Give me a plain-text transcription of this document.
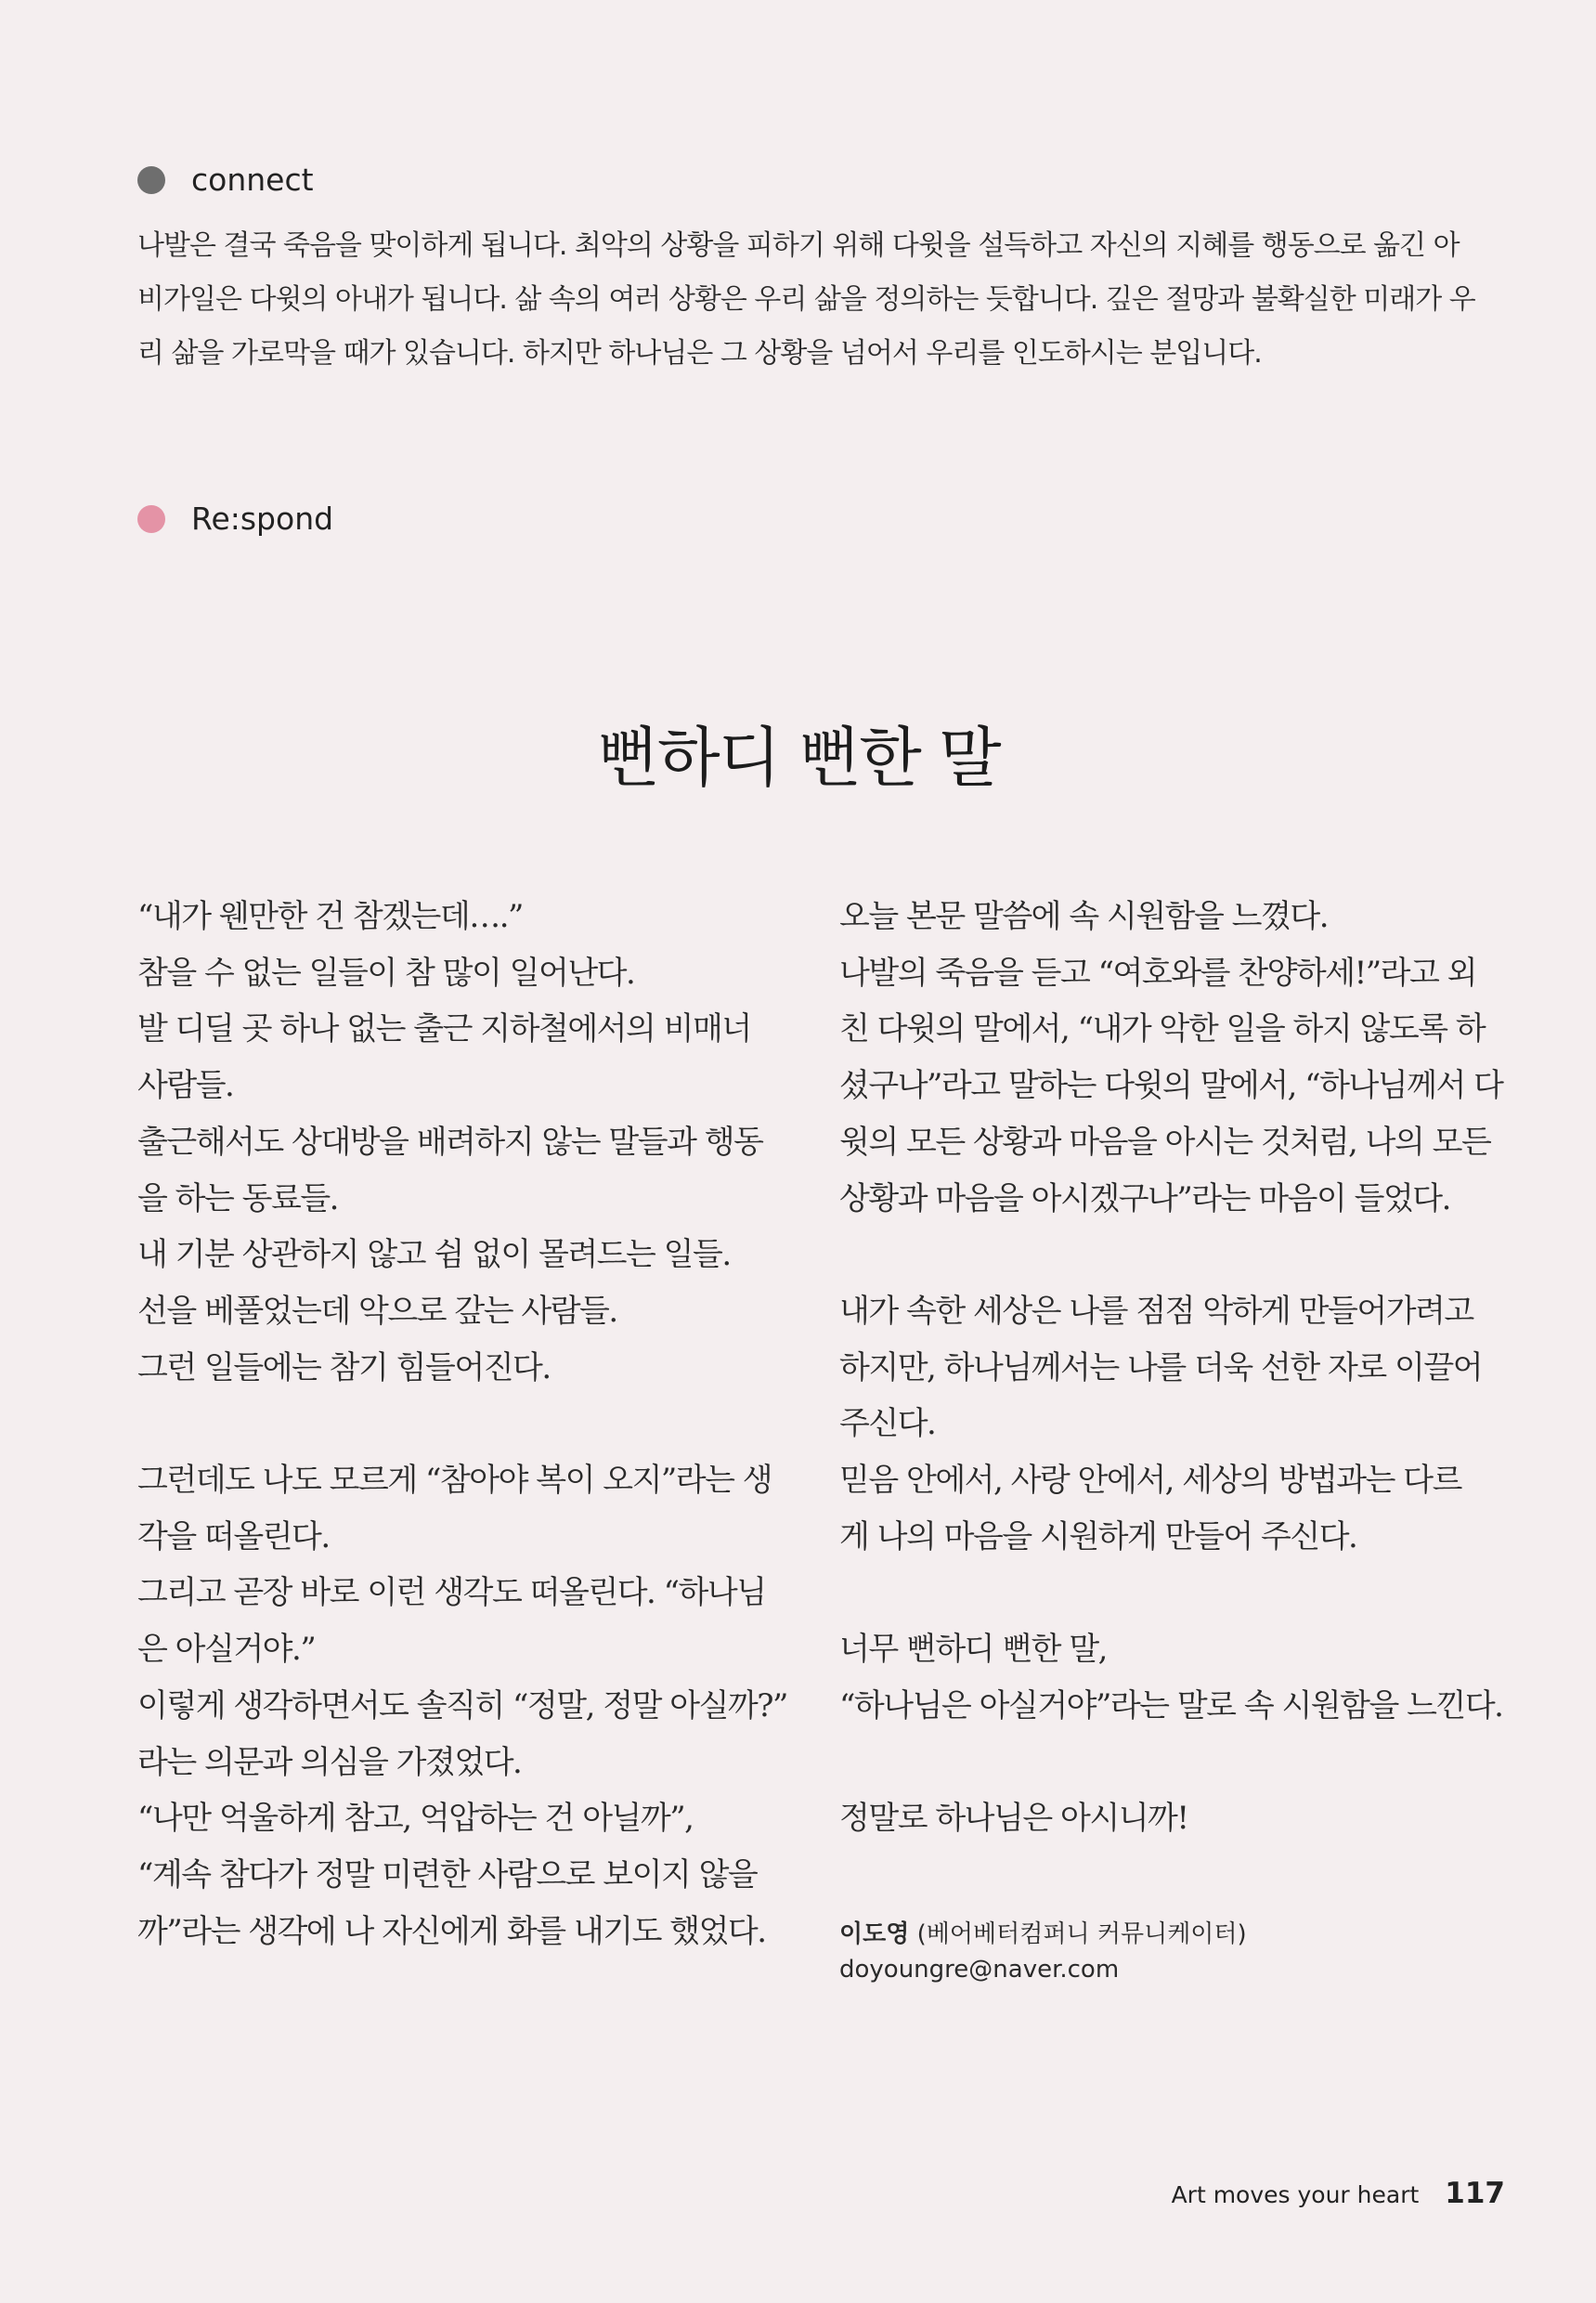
connect
나발은 결국 죽음을 맞이하게 됩니다. 최악의 상황을 피하기 위해 다윗을 설득하고 자신의 지혜를 행동으로 옮긴 아
비가일은 다윗의 아내가 됩니다. 삶 속의 여러 상황은 우리 삶을 정의하는 듯합니다. 깊은 절망과 불확실한 미래가 우
리 삶을 가로막을 때가 있습니다. 하지만 하나님은 그 상황을 넘어서 우리를 인도하시는 분입니다.
Re:spond
뻔하디 뻔한 말
“내가 웬만한 건 참겠는데….”
참을 수 없는 일들이 참 많이 일어난다.
발 디딜 곳 하나 없는 출근 지하철에서의 비매너
사람들.
출근해서도 상대방을 배려하지 않는 말들과 행동
을 하는 동료들.
내 기분 상관하지 않고 쉼 없이 몰려드는 일들.
선을 베풀었는데 악으로 갚는 사람들.
그런 일들에는 참기 힘들어진다.
그런데도 나도 모르게 “참아야 복이 오지”라는 생
각을 떠올린다.
그리고 곧장 바로 이런 생각도 떠올린다. “하나님
은 아실거야.”
이렇게 생각하면서도 솔직히 “정말, 정말 아실까?”
라는 의문과 의심을 가졌었다.
“나만 억울하게 참고, 억압하는 건 아닐까”,
“계속 참다가 정말 미련한 사람으로 보이지 않을
까”라는 생각에 나 자신에게 화를 내기도 했었다.
오늘 본문 말씀에 속 시원함을 느꼈다.
나발의 죽음을 듣고 “여호와를 찬양하세!”라고 외
친 다윗의 말에서, “내가 악한 일을 하지 않도록 하
셨구나”라고 말하는 다윗의 말에서, “하나님께서 다
윗의 모든 상황과 마음을 아시는 것처럼, 나의 모든
상황과 마음을 아시겠구나”라는 마음이 들었다.
내가 속한 세상은 나를 점점 악하게 만들어가려고
하지만, 하나님께서는 나를 더욱 선한 자로 이끌어
주신다.
믿음 안에서, 사랑 안에서, 세상의 방법과는 다르
게 나의 마음을 시원하게 만들어 주신다.
너무 뻔하디 뻔한 말,
“하나님은 아실거야”라는 말로 속 시원함을 느낀다.
정말로 하나님은 아시니까!
이도영 (베어베터컴퍼니 커뮤니케이터)
doyoungre@naver.com
Art moves your heart 117
